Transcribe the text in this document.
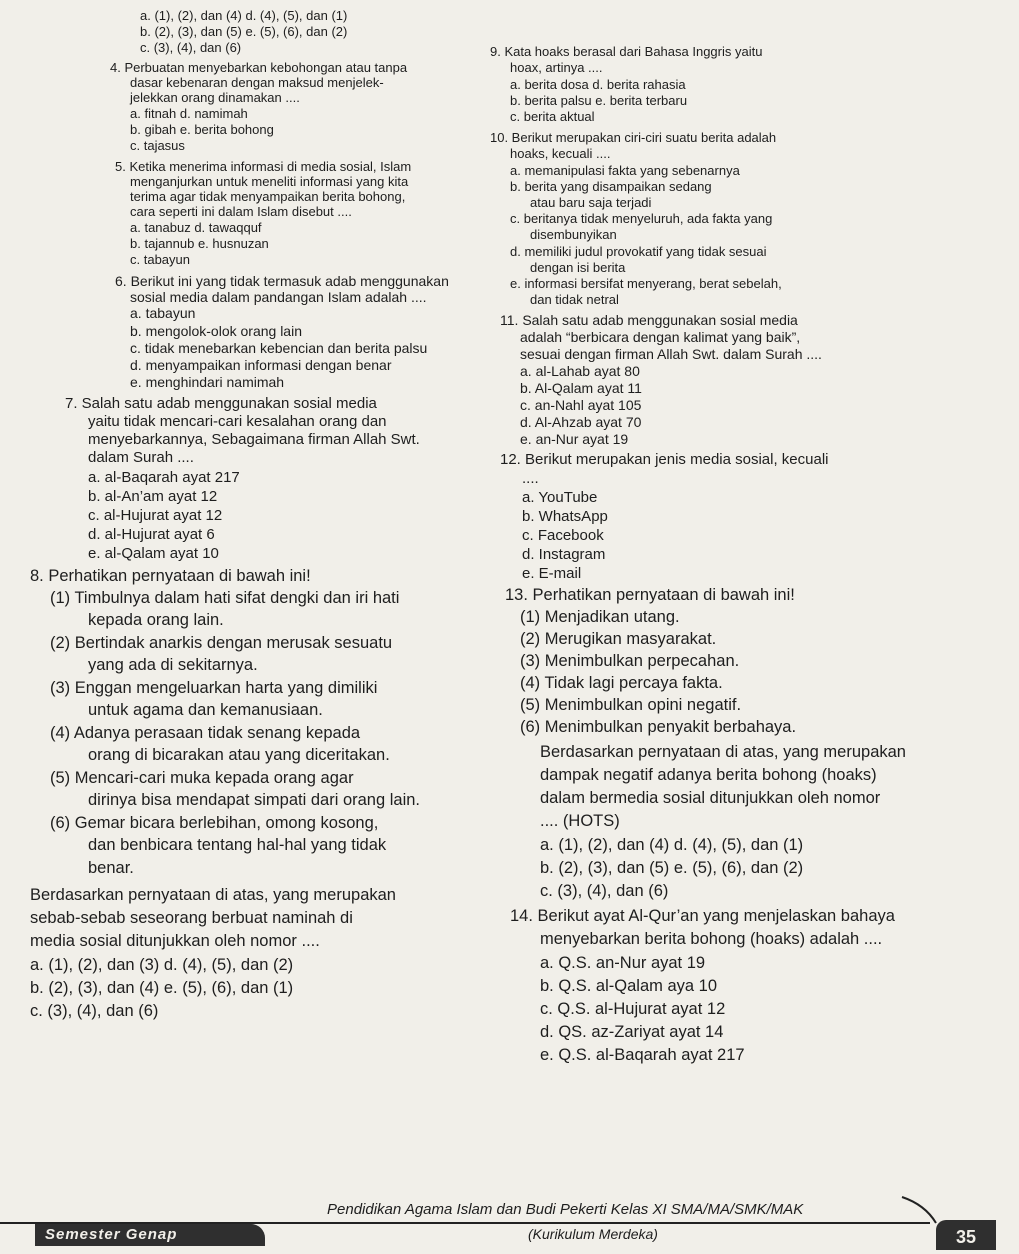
a. (1), (2), dan (4) d. (4), (5), dan (1)
b. (2), (3), dan (5) e. (5), (6), dan (2)
c. (3), (4), dan (6)
4. Perbuatan menyebarkan kebohongan atau tanpa
dasar kebenaran dengan maksud menjelek-
jelekkan orang dinamakan ....
a. fitnah d. namimah
b. gibah e. berita bohong
c. tajasus
5. Ketika menerima informasi di media sosial, Islam
menganjurkan untuk meneliti informasi yang kita
terima agar tidak menyampaikan berita bohong,
cara seperti ini dalam Islam disebut ....
a. tanabuz d. tawaqquf
b. tajannub e. husnuzan
c. tabayun
6. Berikut ini yang tidak termasuk adab menggunakan
sosial media dalam pandangan Islam adalah ....
a. tabayun
b. mengolok-olok orang lain
c. tidak menebarkan kebencian dan berita palsu
d. menyampaikan informasi dengan benar
e. menghindari namimah
7. Salah satu adab menggunakan sosial media
yaitu tidak mencari-cari kesalahan orang dan
menyebarkannya, Sebagaimana firman Allah Swt.
dalam Surah ....
a. al-Baqarah ayat 217
b. al-An’am ayat 12
c. al-Hujurat ayat 12
d. al-Hujurat ayat 6
e. al-Qalam ayat 10
8. Perhatikan pernyataan di bawah ini!
(1) Timbulnya dalam hati sifat dengki dan iri hati
kepada orang lain.
(2) Bertindak anarkis dengan merusak sesuatu
yang ada di sekitarnya.
(3) Enggan mengeluarkan harta yang dimiliki
untuk agama dan kemanusiaan.
(4) Adanya perasaan tidak senang kepada
orang di bicarakan atau yang diceritakan.
(5) Mencari-cari muka kepada orang agar
dirinya bisa mendapat simpati dari orang lain.
(6) Gemar bicara berlebihan, omong kosong,
dan benbicara tentang hal-hal yang tidak
benar.
Berdasarkan pernyataan di atas, yang merupakan
sebab-sebab seseorang berbuat naminah di
media sosial ditunjukkan oleh nomor ....
a. (1), (2), dan (3) d. (4), (5), dan (2)
b. (2), (3), dan (4) e. (5), (6), dan (1)
c. (3), (4), dan (6)
9. Kata hoaks berasal dari Bahasa Inggris yaitu
hoax, artinya ....
a. berita dosa d. berita rahasia
b. berita palsu e. berita terbaru
c. berita aktual
10. Berikut merupakan ciri-ciri suatu berita adalah
hoaks, kecuali ....
a. memanipulasi fakta yang sebenarnya
b. berita yang disampaikan sedang
atau baru saja terjadi
c. beritanya tidak menyeluruh, ada fakta yang
disembunyikan
d. memiliki judul provokatif yang tidak sesuai
dengan isi berita
e. informasi bersifat menyerang, berat sebelah,
dan tidak netral
11. Salah satu adab menggunakan sosial media
adalah “berbicara dengan kalimat yang baik”,
sesuai dengan firman Allah Swt. dalam Surah ....
a. al-Lahab ayat 80
b. Al-Qalam ayat 11
c. an-Nahl ayat 105
d. Al-Ahzab ayat 70
e. an-Nur ayat 19
12. Berikut merupakan jenis media sosial, kecuali
....
a. YouTube
b. WhatsApp
c. Facebook
d. Instagram
e. E-mail
13. Perhatikan pernyataan di bawah ini!
(1) Menjadikan utang.
(2) Merugikan masyarakat.
(3) Menimbulkan perpecahan.
(4) Tidak lagi percaya fakta.
(5) Menimbulkan opini negatif.
(6) Menimbulkan penyakit berbahaya.
Berdasarkan pernyataan di atas, yang merupakan
dampak negatif adanya berita bohong (hoaks)
dalam bermedia sosial ditunjukkan oleh nomor
.... (HOTS)
a. (1), (2), dan (4) d. (4), (5), dan (1)
b. (2), (3), dan (5) e. (5), (6), dan (2)
c. (3), (4), dan (6)
14. Berikut ayat Al-Qur’an yang menjelaskan bahaya
menyebarkan berita bohong (hoaks) adalah ....
a. Q.S. an-Nur ayat 19
b. Q.S. al-Qalam aya 10
c. Q.S. al-Hujurat ayat 12
d. QS. az-Zariyat ayat 14
e. Q.S. al-Baqarah ayat 217
Pendidikan Agama Islam dan Budi Pekerti Kelas XI SMA/MA/SMK/MAK
(Kurikulum Merdeka)
Semester Genap	35
